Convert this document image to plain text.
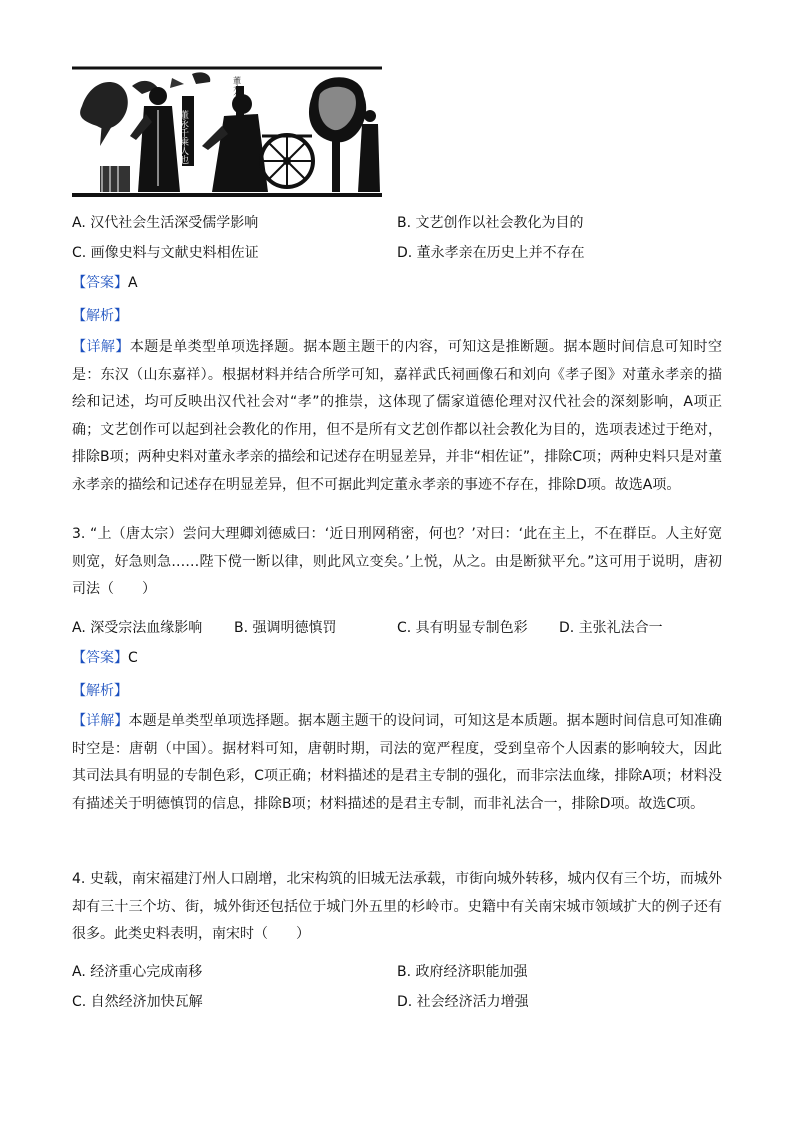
董永千乘人也
董永父
A. 汉代社会生活深受儒学影响	B. 文艺创作以社会教化为目的
C. 画像史料与文献史料相佐证	D. 董永孝亲在历史上并不存在
【答案】A
【解析】
【详解】本题是单类型单项选择题。据本题主题干的内容，可知这是推断题。据本题时间信息可知时空是：东汉（山东嘉祥）。根据材料并结合所学可知，嘉祥武氏祠画像石和刘向《孝子图》对董永孝亲的描绘和记述，均可反映出汉代社会对“孝”的推崇，这体现了儒家道德伦理对汉代社会的深刻影响，A项正确；文艺创作可以起到社会教化的作用，但不是所有文艺创作都以社会教化为目的，选项表述过于绝对，排除B项；两种史料对董永孝亲的描绘和记述存在明显差异，并非“相佐证”，排除C项；两种史料只是对董永孝亲的描绘和记述存在明显差异，但不可据此判定董永孝亲的事迹不存在，排除D项。故选A项。
3. “上（唐太宗）尝问大理卿刘德威曰：‘近日刑网稍密，何也？’对曰：‘此在主上，不在群臣。人主好宽则宽，好急则急……陛下傥一断以律，则此风立变矣。’上悦，从之。由是断狱平允。”这可用于说明，唐初司法（　　）
A. 深受宗法血缘影响 B. 强调明德慎罚	C. 具有明显专制色彩 D. 主张礼法合一
【答案】C
【解析】
【详解】本题是单类型单项选择题。据本题主题干的设问词，可知这是本质题。据本题时间信息可知准确时空是：唐朝（中国）。据材料可知，唐朝时期，司法的宽严程度，受到皇帝个人因素的影响较大，因此其司法具有明显的专制色彩，C项正确；材料描述的是君主专制的强化，而非宗法血缘，排除A项；材料没有描述关于明德慎罚的信息，排除B项；材料描述的是君主专制，而非礼法合一，排除D项。故选C项。
4. 史载，南宋福建汀州人口剧增，北宋构筑的旧城无法承载，市街向城外转移，城内仅有三个坊，而城外却有三十三个坊、街，城外街还包括位于城门外五里的杉岭市。史籍中有关南宋城市领域扩大的例子还有很多。此类史料表明，南宋时（　　）
A. 经济重心完成南移	B. 政府经济职能加强
C. 自然经济加快瓦解	D. 社会经济活力增强
